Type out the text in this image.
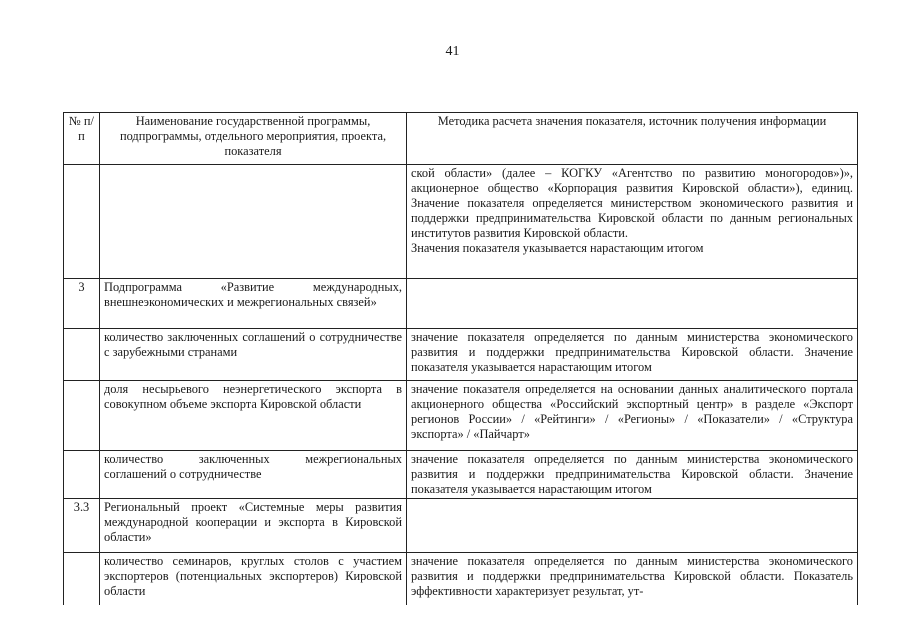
41
№ п/п	Наименование государственной программы, подпрограммы, отдельного мероприятия, проекта, показателя	Методика расчета значения показателя, источник получения информации

		ской области» (далее – КОГКУ «Агентство по развитию моногородов»)», акционерное общество «Корпорация развития Кировской области»), единиц. Значение показателя определяется министерством экономического развития и поддержки предпринимательства Кировской области по данным региональных институтов развития Кировской области.
Значения показателя указывается нарастающим итогом

3	Подпрограмма «Развитие международных, внешнеэкономических и межрегиональных связей»	
	количество заключенных соглашений о сотрудничестве с зарубежными странами	значение показателя определяется по данным министерства экономического развития и поддержки предпринимательства Кировской области. Значение показателя указывается нарастающим итогом
	доля несырьевого неэнергетического экспорта в совокупном объеме экспорта Кировской области	значение показателя определяется на основании данных аналитического портала акционерного общества «Российский экспортный центр» в разделе «Экспорт регионов России» / «Рейтинги» / «Регионы» / «Показатели» / «Структура экспорта» / «Пайчарт»
	количество заключенных межрегиональных соглашений о сотрудничестве	значение показателя определяется по данным министерства экономического развития и поддержки предпринимательства Кировской области. Значение показателя указывается нарастающим итогом
3.3	Региональный проект «Системные меры развития международной кооперации и экспорта в Кировской области»	
	количество семинаров, круглых столов с участием экспортеров (потенциальных экспортеров) Кировской области	значение показателя определяется по данным министерства экономического развития и поддержки предпринимательства Кировской области. Показатель эффективности характеризует результат, ут-
